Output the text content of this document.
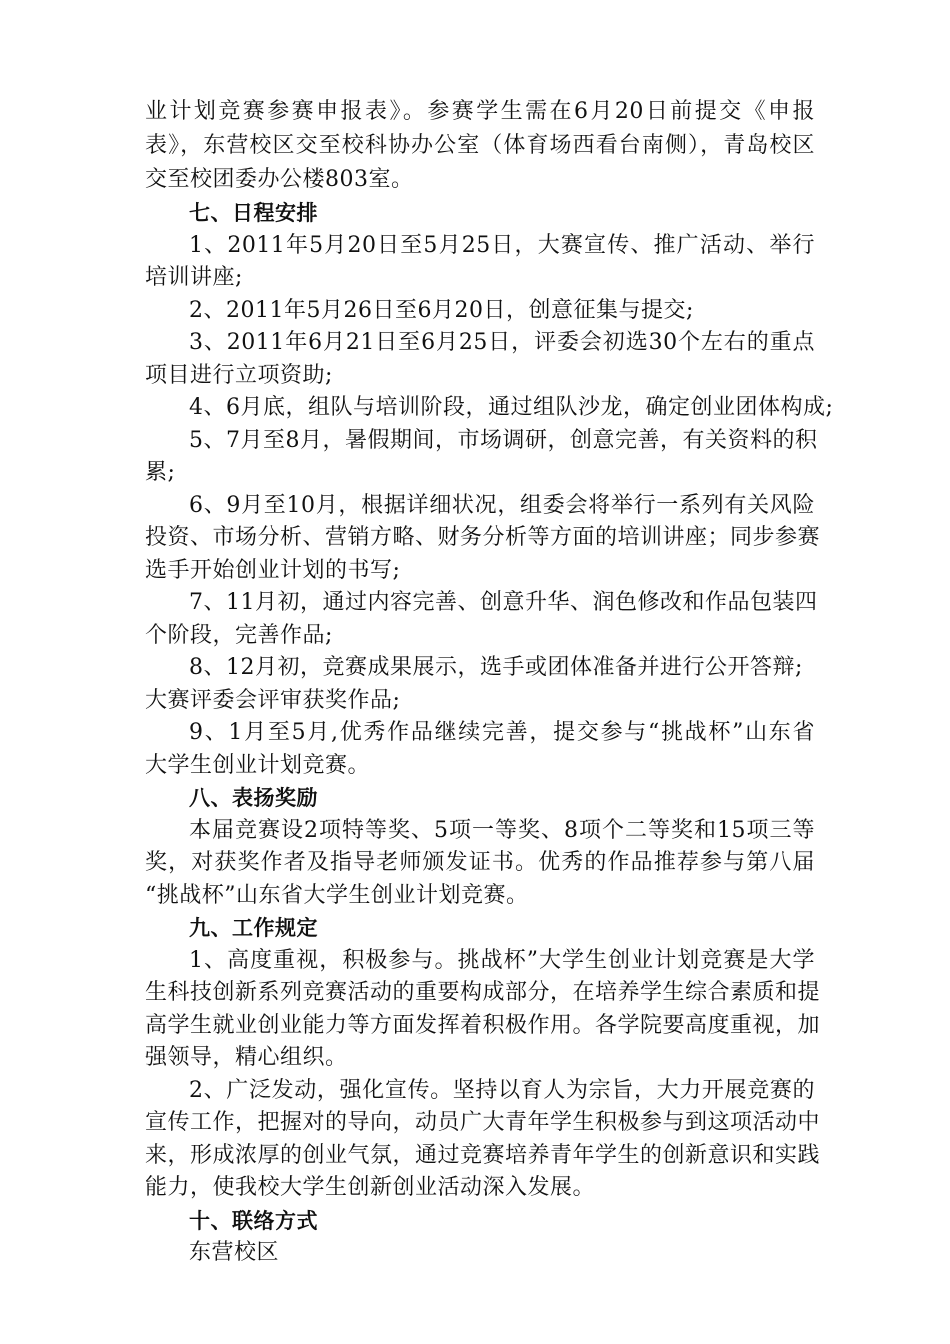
业计划竞赛参赛申报表》。参赛学生需在6月20日前提交《申报
表》，东营校区交至校科协办公室（体育场西看台南侧），青岛校区
交至校团委办公楼803室。
七、日程安排
1、2011年5月20日至5月25日，大赛宣传、推广活动、举行
培训讲座;
2、2011年5月26日至6月20日，创意征集与提交;
3、2011年6月21日至6月25日，评委会初选30个左右的重点
项目进行立项资助;
4、6月底，组队与培训阶段，通过组队沙龙，确定创业团体构成;
5、7月至8月，暑假期间，市场调研，创意完善，有关资料的积
累;
6、9月至10月，根据详细状况，组委会将举行一系列有关风险
投资、市场分析、营销方略、财务分析等方面的培训讲座；同步参赛
选手开始创业计划的书写;
7、11月初，通过内容完善、创意升华、润色修改和作品包装四
个阶段，完善作品;
8、12月初，竞赛成果展示，选手或团体准备并进行公开答辩;
大赛评委会评审获奖作品;
9、1月至5月,优秀作品继续完善，提交参与“挑战杯”山东省
大学生创业计划竞赛。
八、表扬奖励
本届竞赛设2项特等奖、5项一等奖、8项个二等奖和15项三等
奖，对获奖作者及指导老师颁发证书。优秀的作品推荐参与第八届
“挑战杯”山东省大学生创业计划竞赛。
九、工作规定
1、高度重视，积极参与。挑战杯”大学生创业计划竞赛是大学
生科技创新系列竞赛活动的重要构成部分，在培养学生综合素质和提
高学生就业创业能力等方面发挥着积极作用。各学院要高度重视，加
强领导，精心组织。
2、广泛发动，强化宣传。坚持以育人为宗旨，大力开展竞赛的
宣传工作，把握对的导向，动员广大青年学生积极参与到这项活动中
来，形成浓厚的创业气氛，通过竞赛培养青年学生的创新意识和实践
能力，使我校大学生创新创业活动深入发展。
十、联络方式
东营校区
